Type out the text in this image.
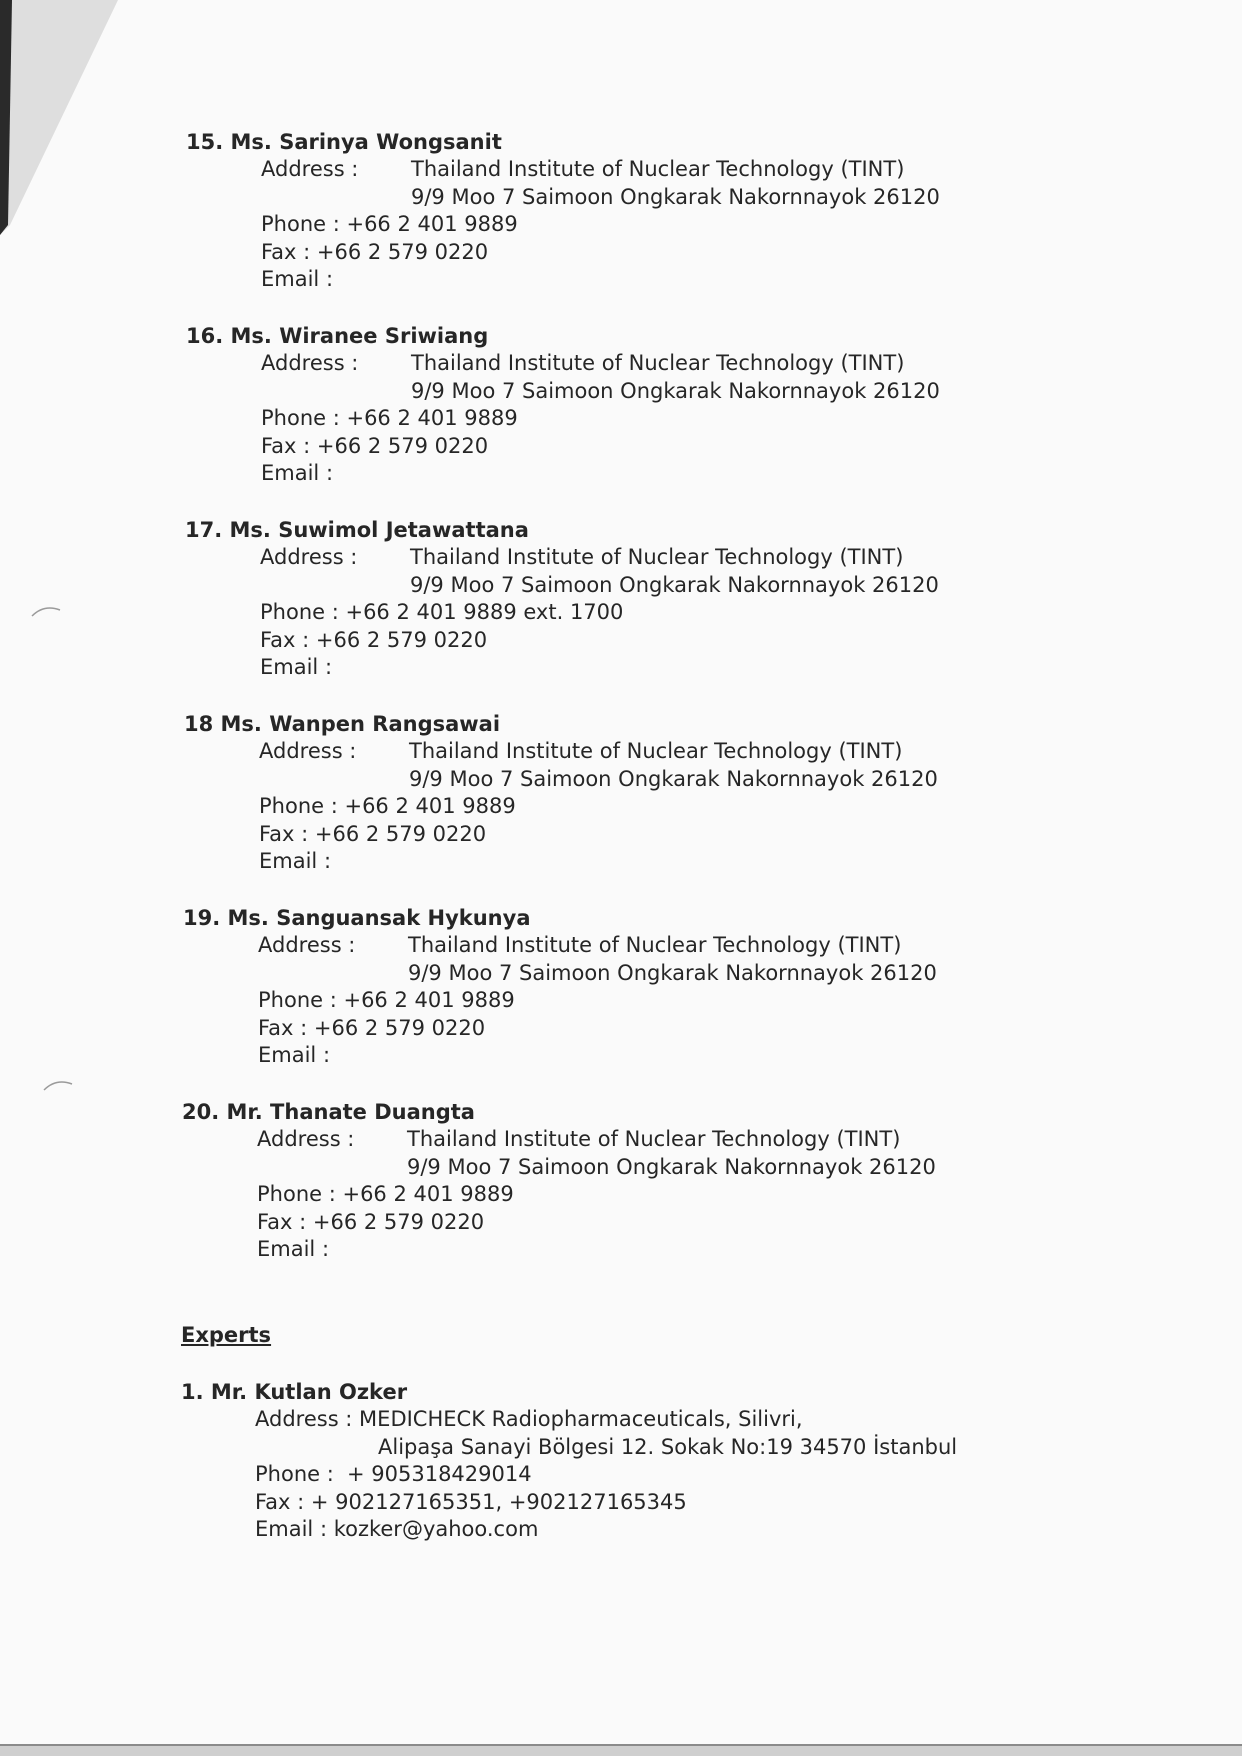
15. Ms. Sarinya Wongsanit
Address :	Thailand Institute of Nuclear Technology (TINT)
9/9 Moo 7 Saimoon Ongkarak Nakornnayok 26120
Phone : +66 2 401 9889
Fax : +66 2 579 0220
Email :
16. Ms. Wiranee Sriwiang
Address :	Thailand Institute of Nuclear Technology (TINT)
9/9 Moo 7 Saimoon Ongkarak Nakornnayok 26120
Phone : +66 2 401 9889
Fax : +66 2 579 0220
Email :
17. Ms. Suwimol Jetawattana
Address :	Thailand Institute of Nuclear Technology (TINT)
9/9 Moo 7 Saimoon Ongkarak Nakornnayok 26120
Phone : +66 2 401 9889 ext. 1700
Fax : +66 2 579 0220
Email :
18 Ms. Wanpen Rangsawai
Address :	Thailand Institute of Nuclear Technology (TINT)
9/9 Moo 7 Saimoon Ongkarak Nakornnayok 26120
Phone : +66 2 401 9889
Fax : +66 2 579 0220
Email :
19. Ms. Sanguansak Hykunya
Address :	Thailand Institute of Nuclear Technology (TINT)
9/9 Moo 7 Saimoon Ongkarak Nakornnayok 26120
Phone : +66 2 401 9889
Fax : +66 2 579 0220
Email :
20. Mr. Thanate Duangta
Address :	Thailand Institute of Nuclear Technology (TINT)
9/9 Moo 7 Saimoon Ongkarak Nakornnayok 26120
Phone : +66 2 401 9889
Fax : +66 2 579 0220
Email :
Experts
1. Mr. Kutlan Ozker
Address : MEDICHECK Radiopharmaceuticals, Silivri,
Alipaşa Sanayi Bölgesi 12. Sokak No:19 34570 İstanbul
Phone : + 905318429014
Fax : + 902127165351, +902127165345
Email : kozker@yahoo.com
